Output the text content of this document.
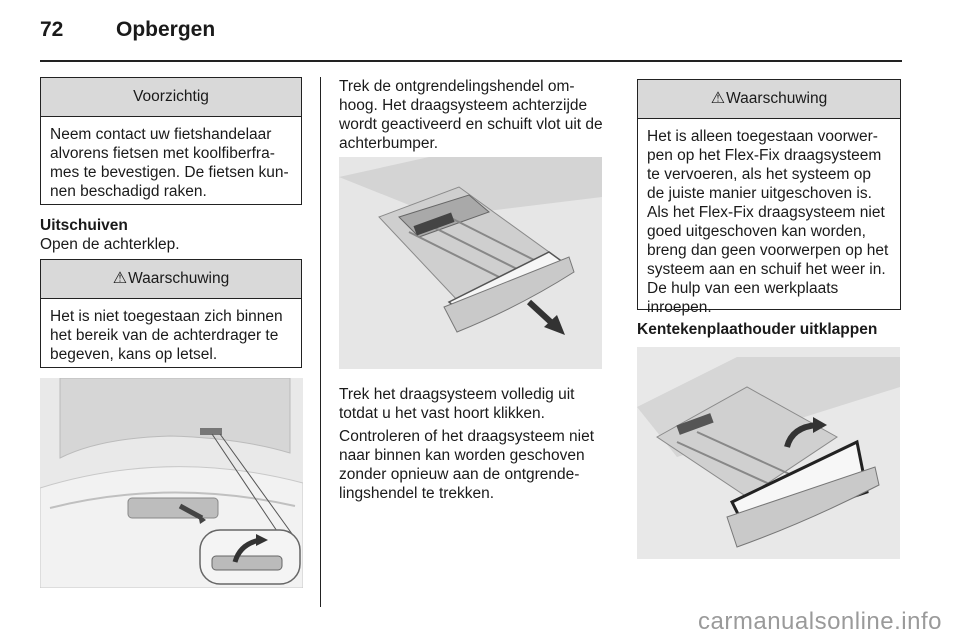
72	Opbergen
Voorzichtig
Neem contact uw fietshandelaar alvorens fietsen met koolfiberframes te bevestigen. De fietsen kunnen beschadigd raken.
Uitschuiven
Open de achterklep.
⚠Waarschuwing
Het is niet toegestaan zich binnen het bereik van de achterdrager te begeven, kans op letsel.
Trek de ontgrendelingshendel omhoog. Het draagsysteem achterzijde wordt geactiveerd en schuift vlot uit de achterbumper.
Trek het draagsysteem volledig uit totdat u het vast hoort klikken.
Controleren of het draagsysteem niet naar binnen kan worden geschoven zonder opnieuw aan de ontgrendelingshendel te trekken.
⚠Waarschuwing
Het is alleen toegestaan voorwerpen op het Flex-Fix draagsysteem te vervoeren, als het systeem op de juiste manier uitgeschoven is. Als het Flex-Fix draagsysteem niet goed uitgeschoven kan worden, breng dan geen voorwerpen op het systeem aan en schuif het weer in. De hulp van een werkplaats inroepen.
Kentekenplaathouder uitklappen
carmanualsonline.info
